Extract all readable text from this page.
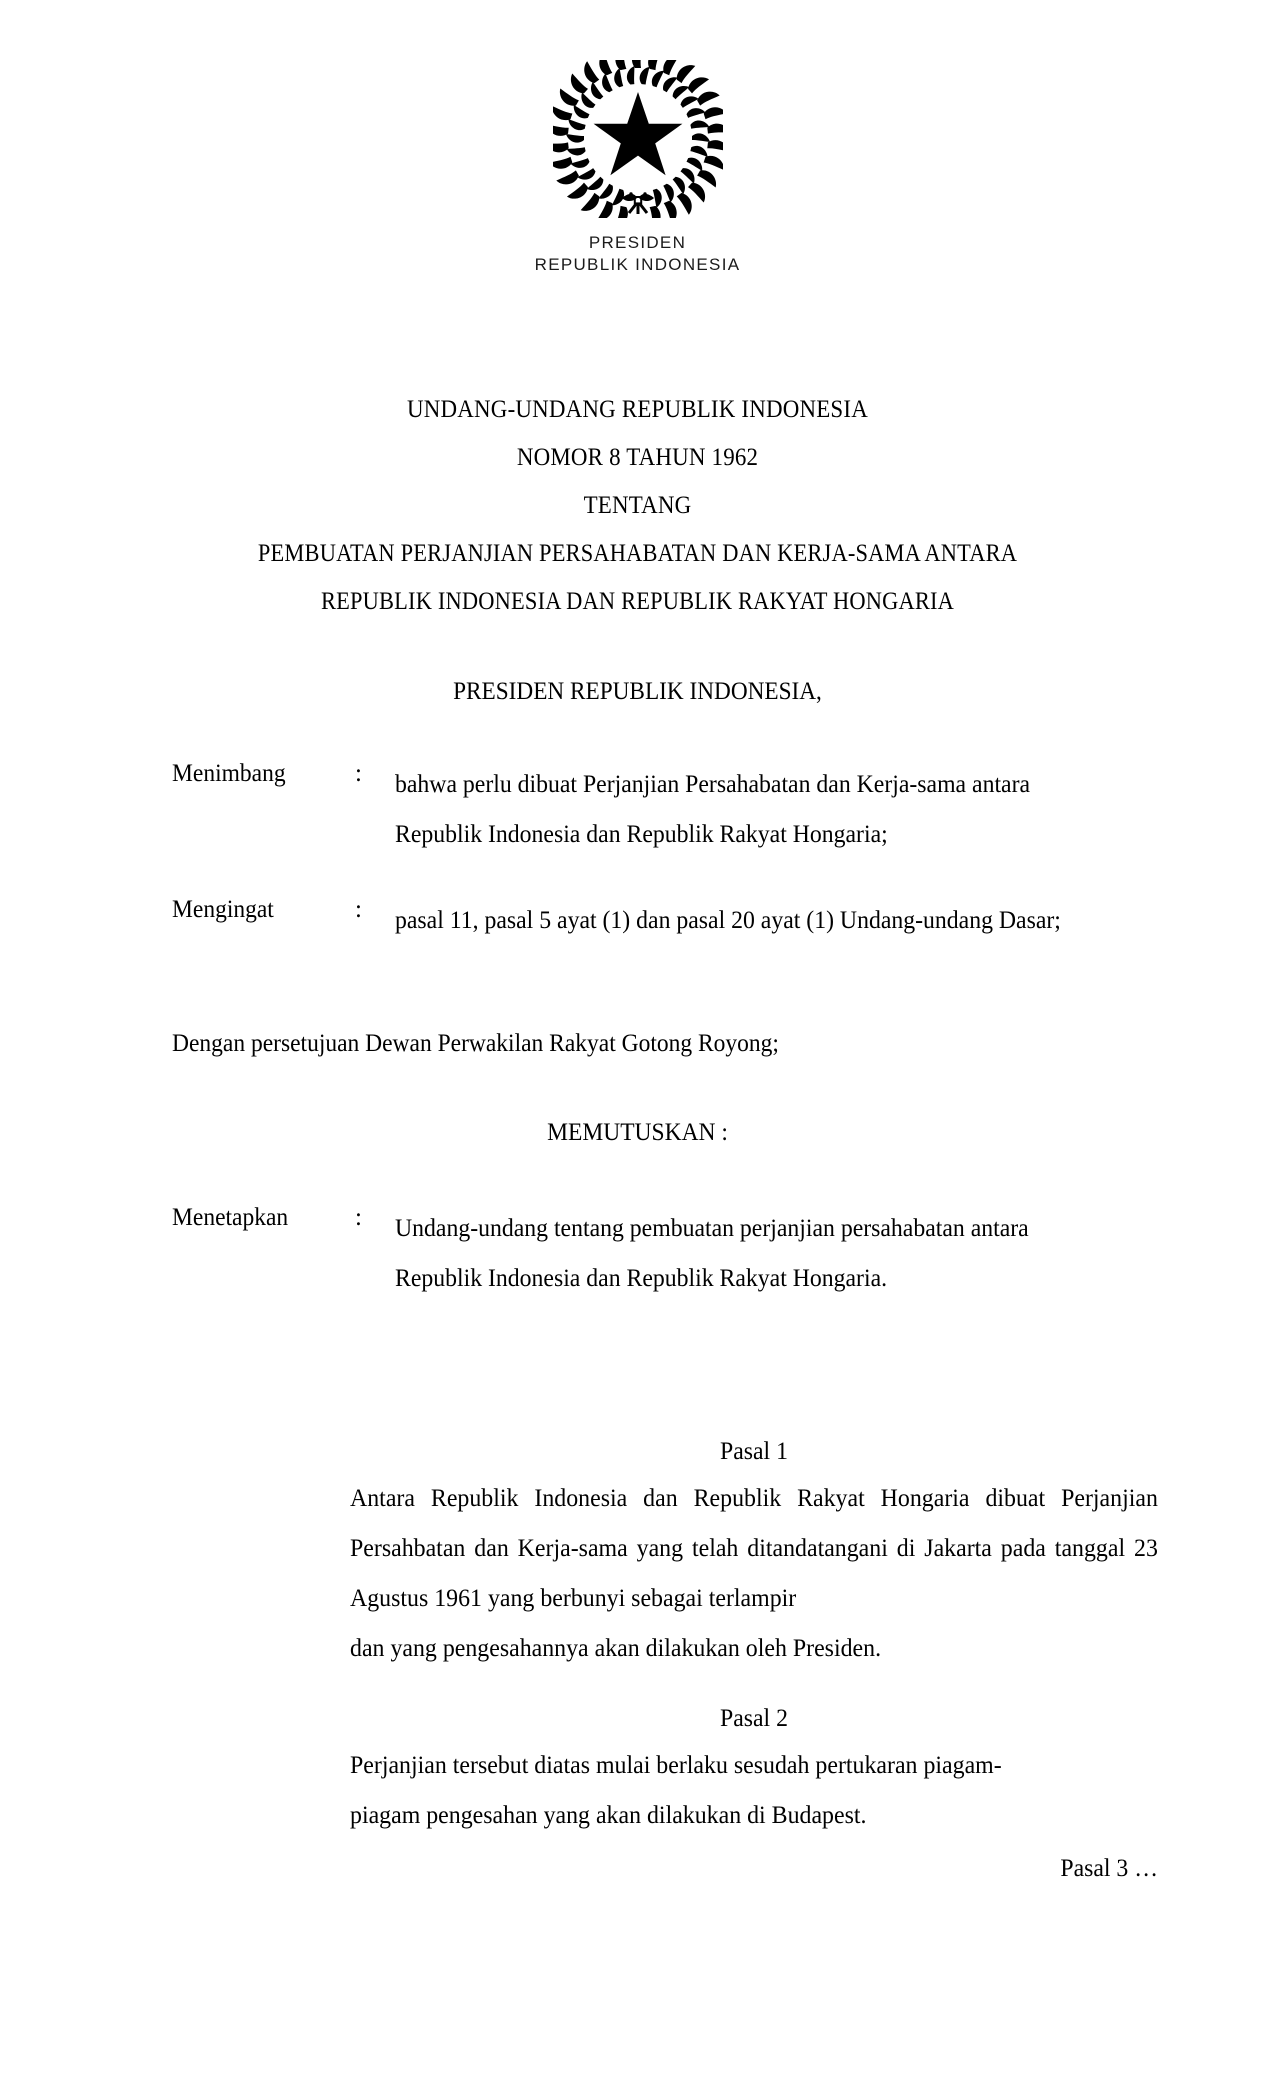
PRESIDEN
REPUBLIK INDONESIA
UNDANG-UNDANG REPUBLIK INDONESIA
NOMOR 8 TAHUN 1962
TENTANG
PEMBUATAN PERJANJIAN PERSAHABATAN DAN KERJA-SAMA ANTARA
REPUBLIK INDONESIA DAN REPUBLIK RAKYAT HONGARIA
PRESIDEN REPUBLIK INDONESIA,
Menimbang	: bahwa perlu dibuat Perjanjian Persahabatan dan Kerja-sama antara
Republik Indonesia dan Republik Rakyat Hongaria;
Mengingat	: pasal 11, pasal 5 ayat (1) dan pasal 20 ayat (1) Undang-undang Dasar;
Dengan persetujuan Dewan Perwakilan Rakyat Gotong Royong;
MEMUTUSKAN :
Menetapkan	: Undang-undang tentang pembuatan perjanjian persahabatan antara
Republik Indonesia dan Republik Rakyat Hongaria.
Pasal 1
Antara Republik Indonesia dan Republik Rakyat Hongaria dibuat Perjanjian Persahbatan dan Kerja-sama yang telah ditandatangani di Jakarta pada tanggal 23 Agustus 1961 yang berbunyi sebagai terlampir
dan yang pengesahannya akan dilakukan oleh Presiden.
Pasal 2
Perjanjian tersebut diatas mulai berlaku sesudah pertukaran piagam-
piagam pengesahan yang akan dilakukan di Budapest.
Pasal 3 …
